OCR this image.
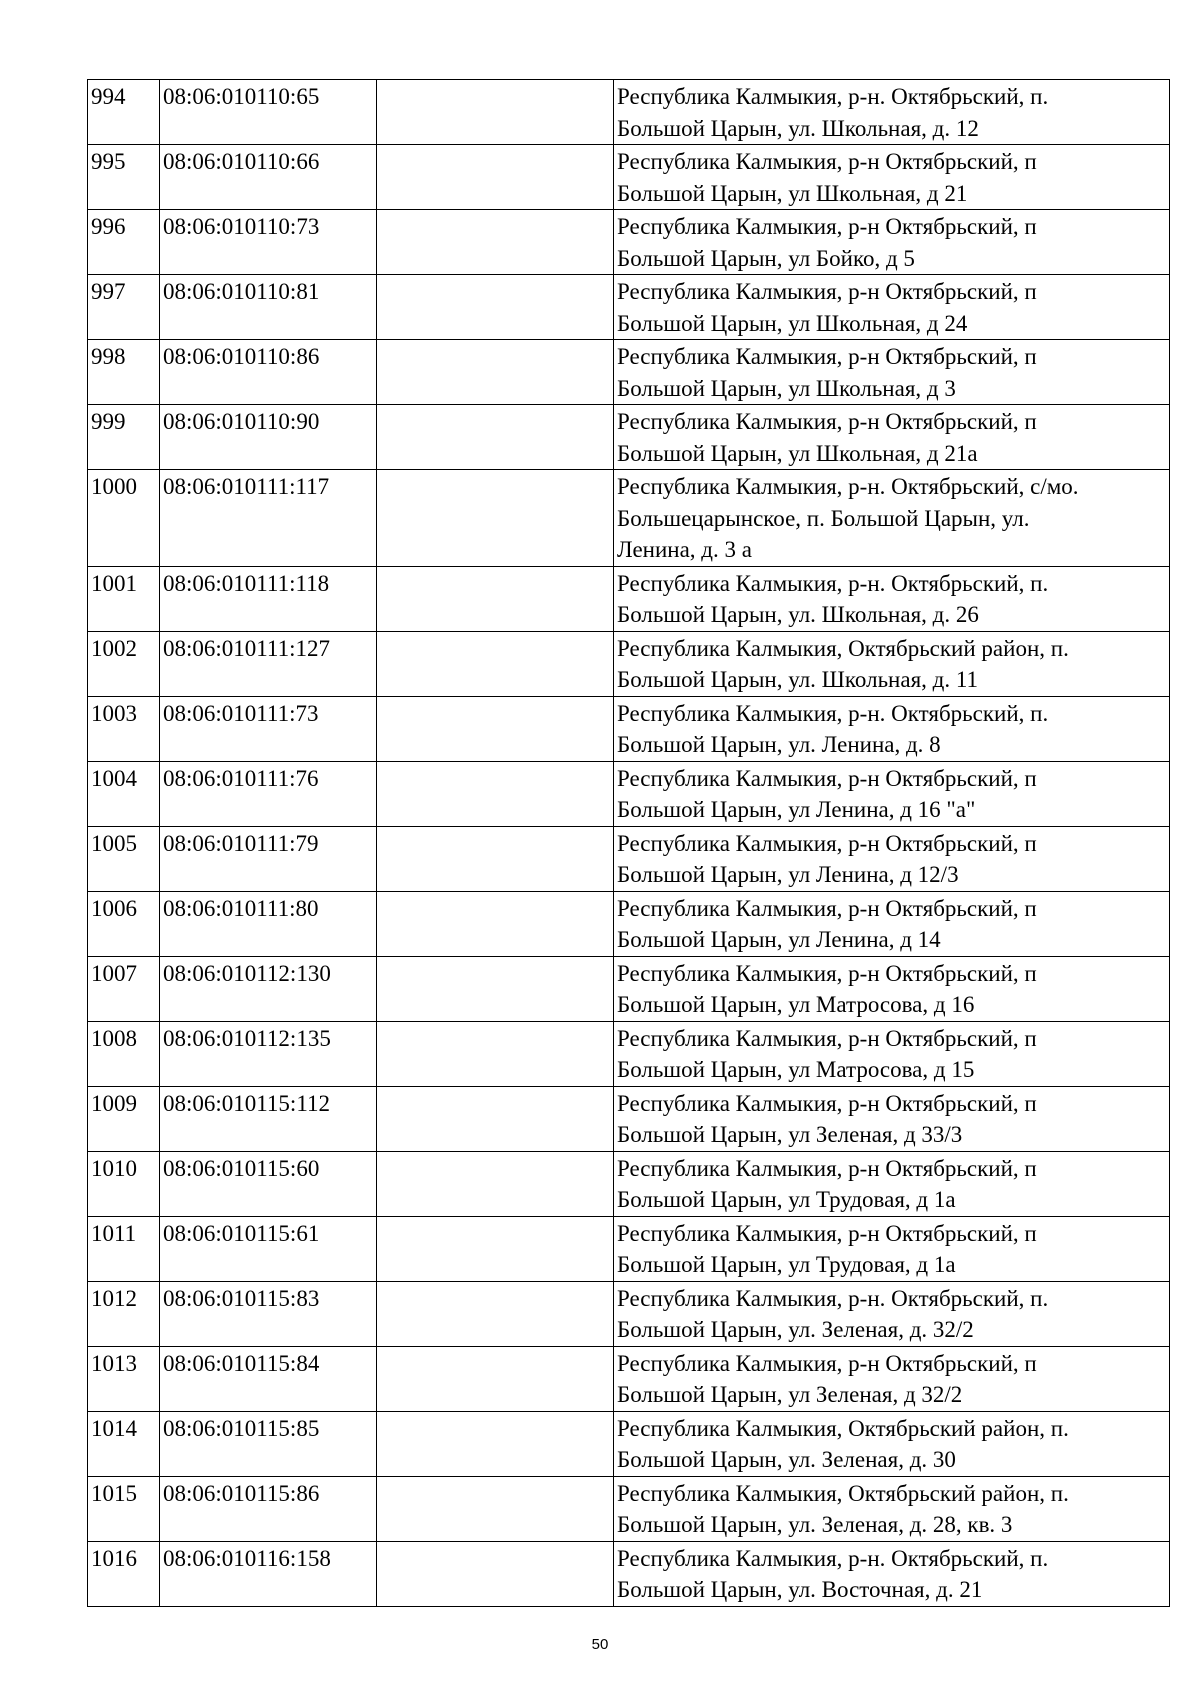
994	08:06:010110:65		Республика Калмыкия, р-н. Октябрьский, п.
Большой Царын, ул. Школьная, д. 12

995	08:06:010110:66		Республика Калмыкия, р-н Октябрьский, п
Большой Царын, ул Школьная, д 21

996	08:06:010110:73		Республика Калмыкия, р-н Октябрьский, п
Большой Царын, ул Бойко, д 5

997	08:06:010110:81		Республика Калмыкия, р-н Октябрьский, п
Большой Царын, ул Школьная, д 24

998	08:06:010110:86		Республика Калмыкия, р-н Октябрьский, п
Большой Царын, ул Школьная, д 3

999	08:06:010110:90		Республика Калмыкия, р-н Октябрьский, п
Большой Царын, ул Школьная, д 21а

1000	08:06:010111:117		Республика Калмыкия, р-н. Октябрьский, с/мо.
Большецарынское, п. Большой Царын, ул.
Ленина, д. 3 а

1001	08:06:010111:118		Республика Калмыкия, р-н. Октябрьский, п.
Большой Царын, ул. Школьная, д. 26

1002	08:06:010111:127		Республика Калмыкия, Октябрьский район, п.
Большой Царын, ул. Школьная, д. 11

1003	08:06:010111:73		Республика Калмыкия, р-н. Октябрьский, п.
Большой Царын, ул. Ленина, д. 8

1004	08:06:010111:76		Республика Калмыкия, р-н Октябрьский, п
Большой Царын, ул Ленина, д 16 "а"

1005	08:06:010111:79		Республика Калмыкия, р-н Октябрьский, п
Большой Царын, ул Ленина, д 12/3

1006	08:06:010111:80		Республика Калмыкия, р-н Октябрьский, п
Большой Царын, ул Ленина, д 14

1007	08:06:010112:130		Республика Калмыкия, р-н Октябрьский, п
Большой Царын, ул Матросова, д 16

1008	08:06:010112:135		Республика Калмыкия, р-н Октябрьский, п
Большой Царын, ул Матросова, д 15

1009	08:06:010115:112		Республика Калмыкия, р-н Октябрьский, п
Большой Царын, ул Зеленая, д 33/3

1010	08:06:010115:60		Республика Калмыкия, р-н Октябрьский, п
Большой Царын, ул Трудовая, д 1а

1011	08:06:010115:61		Республика Калмыкия, р-н Октябрьский, п
Большой Царын, ул Трудовая, д 1а

1012	08:06:010115:83		Республика Калмыкия, р-н. Октябрьский, п.
Большой Царын, ул. Зеленая, д. 32/2

1013	08:06:010115:84		Республика Калмыкия, р-н Октябрьский, п
Большой Царын, ул Зеленая, д 32/2

1014	08:06:010115:85		Республика Калмыкия, Октябрьский район, п.
Большой Царын, ул. Зеленая, д. 30

1015	08:06:010115:86		Республика Калмыкия, Октябрьский район, п.
Большой Царын, ул. Зеленая, д. 28, кв. 3

1016	08:06:010116:158		Республика Калмыкия, р-н. Октябрьский, п.
Большой Царын, ул. Восточная, д. 21
50
